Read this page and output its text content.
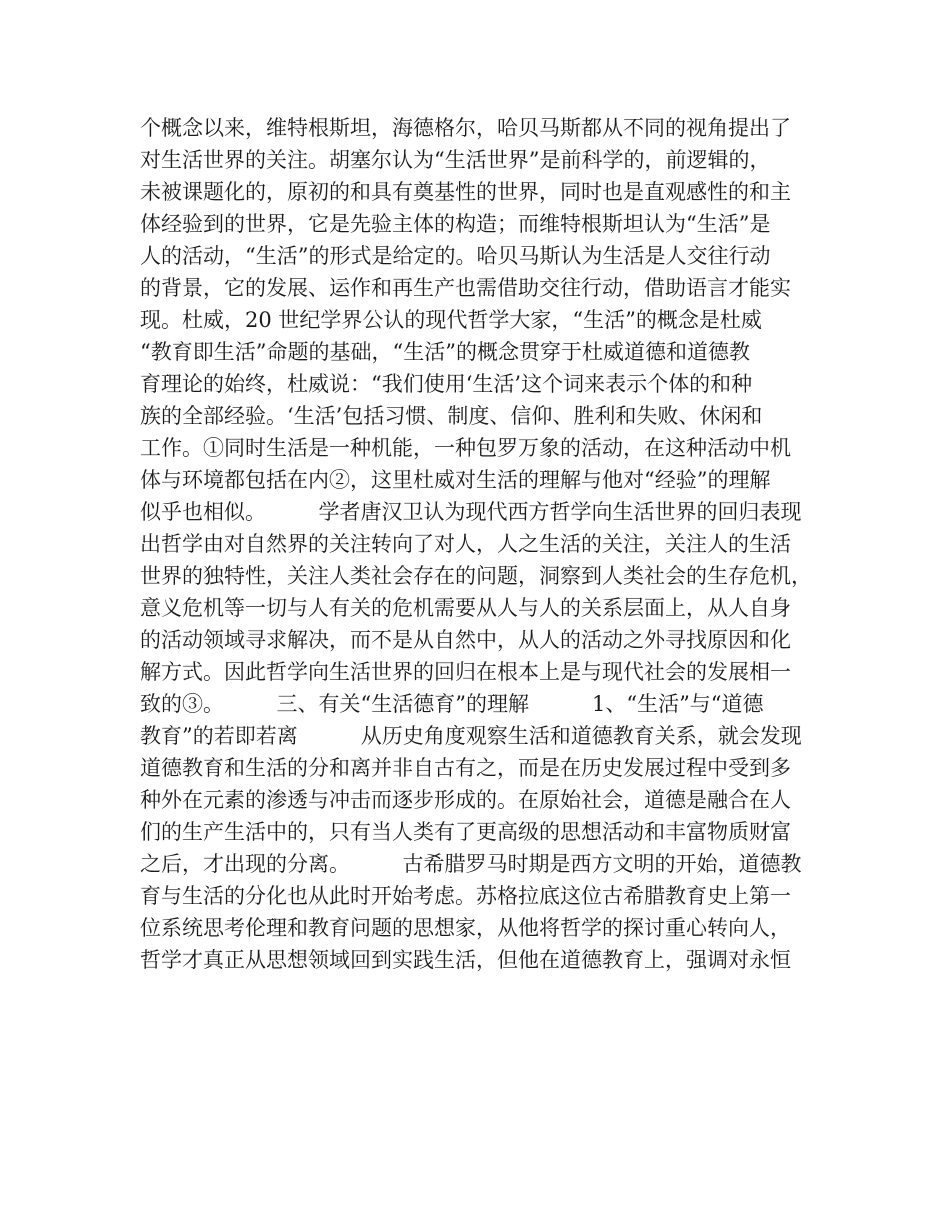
个概念以来，维特根斯坦，海德格尔，哈贝马斯都从不同的视角提出了
对生活世界的关注。胡塞尔认为“生活世界”是前科学的，前逻辑的，
未被课题化的，原初的和具有奠基性的世界，同时也是直观感性的和主
体经验到的世界，它是先验主体的构造；而维特根斯坦认为“生活”是
人的活动，“生活”的形式是给定的。哈贝马斯认为生活是人交往行动
的背景，它的发展、运作和再生产也需借助交往行动，借助语言才能实
现。杜威，20 世纪学界公认的现代哲学大家，“生活”的概念是杜威
“教育即生活”命题的基础，“生活”的概念贯穿于杜威道德和道德教
育理论的始终，杜威说：“我们使用‘生活’这个词来表示个体的和种
族的全部经验。‘生活’包括习惯、制度、信仰、胜利和失败、休闲和
工作。①同时生活是一种机能，一种包罗万象的活动，在这种活动中机
体与环境都包括在内②，这里杜威对生活的理解与他对“经验”的理解
似乎也相似。　　　学者唐汉卫认为现代西方哲学向生活世界的回归表现
出哲学由对自然界的关注转向了对人，人之生活的关注，关注人的生活
世界的独特性，关注人类社会存在的问题，洞察到人类社会的生存危机，
意义危机等一切与人有关的危机需要从人与人的关系层面上，从人自身
的活动领域寻求解决，而不是从自然中，从人的活动之外寻找原因和化
解方式。因此哲学向生活世界的回归在根本上是与现代社会的发展相一
致的③。　　　三、有关“生活德育”的理解　　　1、“生活”与“道德
教育”的若即若离　　　从历史角度观察生活和道德教育关系，就会发现
道德教育和生活的分和离并非自古有之，而是在历史发展过程中受到多
种外在元素的渗透与冲击而逐步形成的。在原始社会，道德是融合在人
们的生产生活中的，只有当人类有了更高级的思想活动和丰富物质财富
之后，才出现的分离。　　　古希腊罗马时期是西方文明的开始，道德教
育与生活的分化也从此时开始考虑。苏格拉底这位古希腊教育史上第一
位系统思考伦理和教育问题的思想家，从他将哲学的探讨重心转向人，
哲学才真正从思想领域回到实践生活，但他在道德教育上，强调对永恒
